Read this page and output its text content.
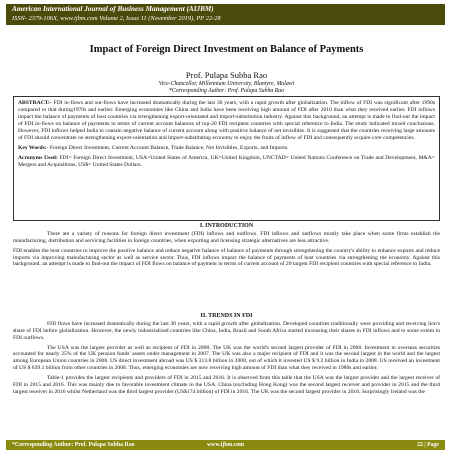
American International Journal of Business Management (AIJBM)
ISSN- 2379-106X, www.ijbm.com Volume 2, Issue 11 (November 2019), PP 22-28
Impact of Foreign Direct Investment on Balance of Payments
Prof. Pulapa Subba Rao
Vice-Chancellor, Millennium University, Blantyre, Malawi
*Corresponding Author: Prof. Pulapa Subba Rao

ABSTRACT:- FDI in-flows and out-flows have increased dramatically during the last 30 years, with a rapid growth after globalization. The inflow of FDI was significant after 1990s compared to that during1970s and earlier. Emerging economies like China and India have been receiving high amount of FDI after 2010 than what they received earlier. FDI inflows impact the balance of payments of host countries via strengthening export-orientated and import-substitution industry. Against this background, an attempt is made to find-out the impact of FDI in-flows on balance of payments in terms of current account balances of top-20 FDI recipient countries with special reference to India. The study indicated mixed conclusions. However, FDI inflows helped India to contain negative balance of current account along with positive balance of net invisibles. It is suggested that the countries receiving large amounts of FDI should concentrate on strengthening export-orientation and import-substituting economy to enjoy the fruits of inflow of FDI and consequently acquire core competencies.

Key Words:- Foreign Direct Investment, Current Account Balance, Trade Balance, Net Invisibles, Exports, and Imports.

Acronyms Used: FDI= Foreign Direct Investment, USA=United States of America, UK=United Kingdom, UNCTAD= United Nations Conference on Trade and Development, M&A= Mergers and Acquisitions, US$= United States Dollars.

I. INTRODUCTION

There are a variety of reasons for foreign direct investment (FDI) inflows and outflows. FDI inflows and outflows mostly take place when some firms establish the manufacturing, distribution and servicing facilities in foreign countries, when exporting and licensing strategic alternatives are less attractive.

FDI enables the host countries to improve the positive balance and reduce negative balance of balance of payments through strengthening the country's ability to enhance exports and reduce imports via improving manufacturing sector as well as service sector. Thus, FDI inflows impact the balance of payments of host countries via strengthening the economy. Against this background, an attempt is made to find-out the impact of FDI flows on balance of payment in terms of current account of 20 largest FDI recipient countries with special reference to India.

II. TRENDS IN FDI

FDI flows have increased dramatically during the last 30 years, with a rapid growth after globalization. Developed countries traditionally were providing and receiving lion's share of FDI before globalization. However, the newly industrialized countries like China, India, Brazil and South Africa started increasing their shares in FDI inflows and to some extent in FDI outflows.

The USA was the largest provider as well as recipient of FDI in 2008. The UK was the world's second largest provider of FDI in 2008. Investment in overseas securities accounted for nearly 25% of the UK pension funds' assets under management in 2007. The UK was also a major recipient of FDI and it was the second largest in the world and the largest among European Union countries in 2008. US direct investment abroad was US $ 313.8 billion in 2008, out of which it invested US $ 9.2 billion in India in 2008. US received an investment of US $ 639.1 billion from other countries in 2008. Thus, emerging economies are now receiving high amount of FDI than what they received in 1980s and earlier.

Table-1 provides the largest recipients and providers of FDI in 2015 and 2016. It is observed from this table that the USA was the largest provider and the largest receiver of FDI in 2015 and 2016. This was mainly due to favorable investment climate in the USA. China (excluding Hong Kong) was the second largest receiver and provider in 2015 and the third largest receiver in 2016 whilst Netherland was the third largest provider (US$174 billion) of FDI in 2016. The UK was the second largest provider in 2016. Surprisingly Ireland was the

*Corresponding Author: Prof. Pulapa Subba Rao	www.ijbm.com	22 | Page
